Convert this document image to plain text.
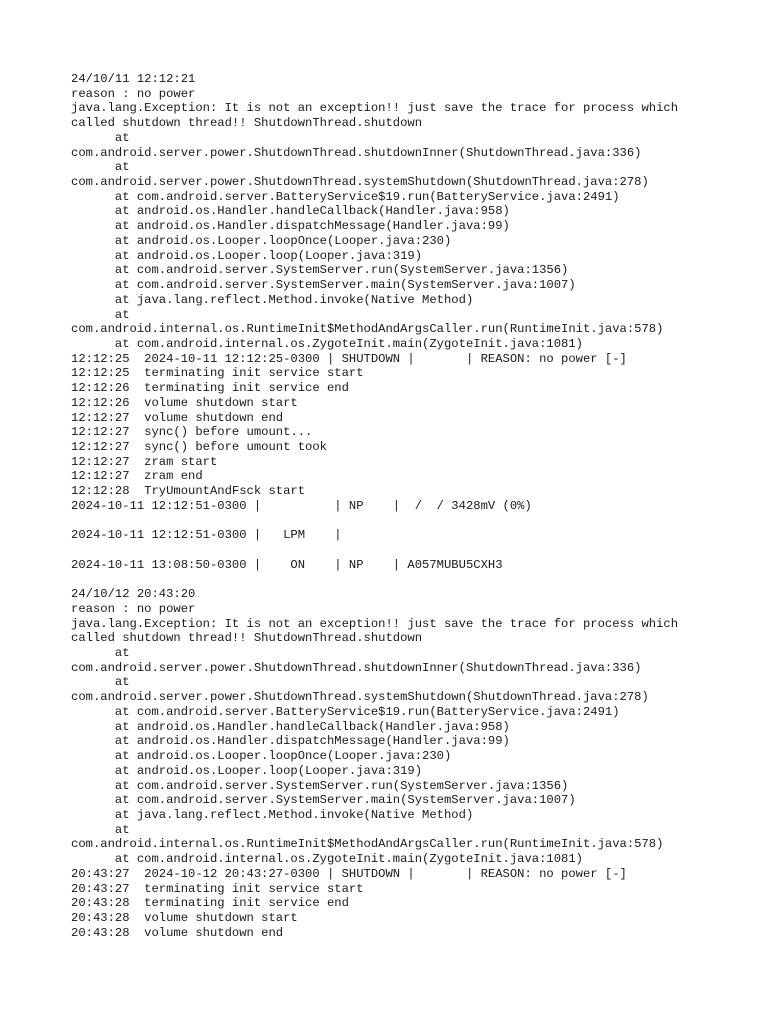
24/10/11 12:12:21
reason : no power
java.lang.Exception: It is not an exception!! just save the trace for process which
called shutdown thread!! ShutdownThread.shutdown
at
com.android.server.power.ShutdownThread.shutdownInner(ShutdownThread.java:336)
at
com.android.server.power.ShutdownThread.systemShutdown(ShutdownThread.java:278)
at com.android.server.BatteryService$19.run(BatteryService.java:2491)
at android.os.Handler.handleCallback(Handler.java:958)
at android.os.Handler.dispatchMessage(Handler.java:99)
at android.os.Looper.loopOnce(Looper.java:230)
at android.os.Looper.loop(Looper.java:319)
at com.android.server.SystemServer.run(SystemServer.java:1356)
at com.android.server.SystemServer.main(SystemServer.java:1007)
at java.lang.reflect.Method.invoke(Native Method)
at
com.android.internal.os.RuntimeInit$MethodAndArgsCaller.run(RuntimeInit.java:578)
at com.android.internal.os.ZygoteInit.main(ZygoteInit.java:1081)
12:12:25  2024-10-11 12:12:25-0300 | SHUTDOWN |       | REASON: no power [-]
12:12:25  terminating init service start
12:12:26  terminating init service end
12:12:26  volume shutdown start
12:12:27  volume shutdown end
12:12:27  sync() before umount...
12:12:27  sync() before umount took
12:12:27  zram start
12:12:27  zram end
12:12:28  TryUmountAndFsck start
2024-10-11 12:12:51-0300 |          | NP    |  /  / 3428mV (0%)
2024-10-11 12:12:51-0300 |   LPM    |
2024-10-11 13:08:50-0300 |    ON    | NP    | A057MUBU5CXH3
24/10/12 20:43:20
reason : no power
java.lang.Exception: It is not an exception!! just save the trace for process which
called shutdown thread!! ShutdownThread.shutdown
at
com.android.server.power.ShutdownThread.shutdownInner(ShutdownThread.java:336)
at
com.android.server.power.ShutdownThread.systemShutdown(ShutdownThread.java:278)
at com.android.server.BatteryService$19.run(BatteryService.java:2491)
at android.os.Handler.handleCallback(Handler.java:958)
at android.os.Handler.dispatchMessage(Handler.java:99)
at android.os.Looper.loopOnce(Looper.java:230)
at android.os.Looper.loop(Looper.java:319)
at com.android.server.SystemServer.run(SystemServer.java:1356)
at com.android.server.SystemServer.main(SystemServer.java:1007)
at java.lang.reflect.Method.invoke(Native Method)
at
com.android.internal.os.RuntimeInit$MethodAndArgsCaller.run(RuntimeInit.java:578)
at com.android.internal.os.ZygoteInit.main(ZygoteInit.java:1081)
20:43:27  2024-10-12 20:43:27-0300 | SHUTDOWN |       | REASON: no power [-]
20:43:27  terminating init service start
20:43:28  terminating init service end
20:43:28  volume shutdown start
20:43:28  volume shutdown end
